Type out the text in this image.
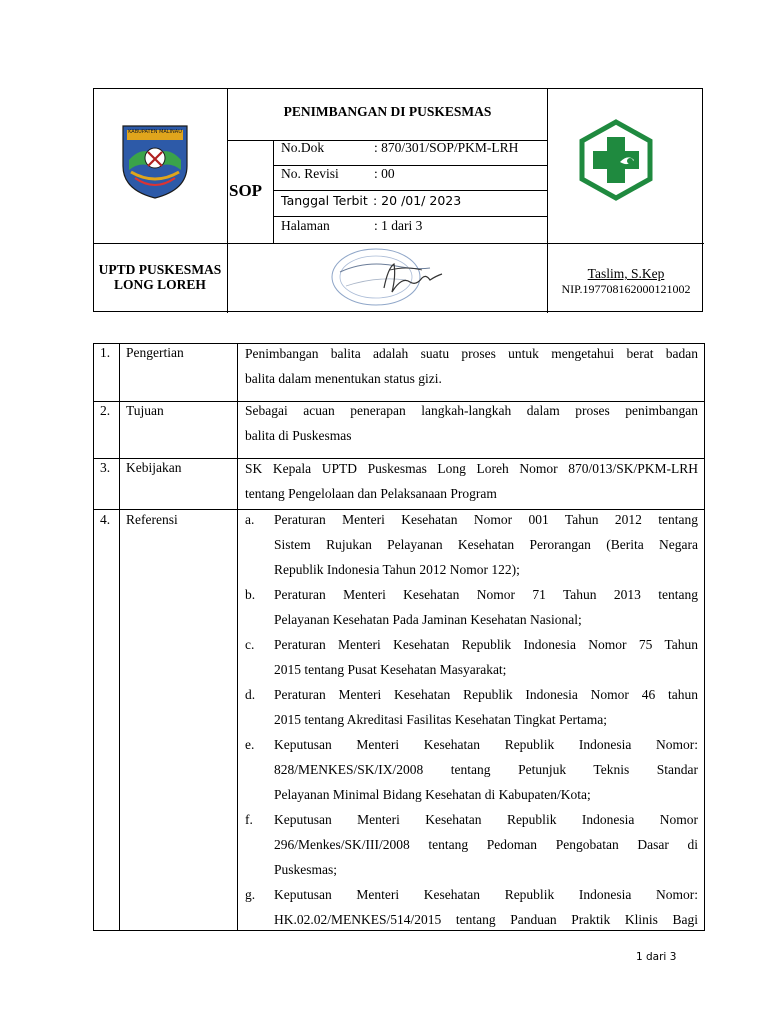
KABUPATEN MALINAU
PENIMBANGAN DI PUSKESMAS
SOP
No.Dok	: 870/301/SOP/PKM-LRH
No. Revisi	: 00
Tanggal Terbit : 20 /01/ 2023
Halaman	: 1 dari 3
UPTD PUSKESMAS
LONG LOREH
Taslim, S.Kep
NIP.197708162000121002
1. Pengertian	Penimbangan balita adalah suatu proses untuk mengetahui berat badan
balita dalam menentukan status gizi.
2. Tujuan	Sebagai acuan penerapan langkah-langkah dalam proses penimbangan
balita di Puskesmas
3. Kebijakan	SK Kepala UPTD Puskesmas Long Loreh Nomor 870/013/SK/PKM-LRH
tentang Pengelolaan dan Pelaksanaan Program
4. Referensi	a. Peraturan Menteri Kesehatan Nomor 001 Tahun 2012 tentang
Sistem Rujukan Pelayanan Kesehatan Perorangan (Berita Negara
Republik Indonesia Tahun 2012 Nomor 122);
b. Peraturan Menteri Kesehatan Nomor 71 Tahun 2013 tentang
Pelayanan Kesehatan Pada Jaminan Kesehatan Nasional;
c. Peraturan Menteri Kesehatan Republik Indonesia Nomor 75 Tahun
2015 tentang Pusat Kesehatan Masyarakat;
d. Peraturan Menteri Kesehatan Republik Indonesia Nomor 46 tahun
2015 tentang Akreditasi Fasilitas Kesehatan Tingkat Pertama;
e. Keputusan Menteri Kesehatan Republik Indonesia Nomor:
828/MENKES/SK/IX/2008 tentang Petunjuk Teknis Standar
Pelayanan Minimal Bidang Kesehatan di Kabupaten/Kota;
f. Keputusan Menteri Kesehatan Republik Indonesia Nomor
296/Menkes/SK/III/2008 tentang Pedoman Pengobatan Dasar di
Puskesmas;
g. Keputusan Menteri Kesehatan Republik Indonesia Nomor:
HK.02.02/MENKES/514/2015 tentang Panduan Praktik Klinis Bagi
1 dari 3
